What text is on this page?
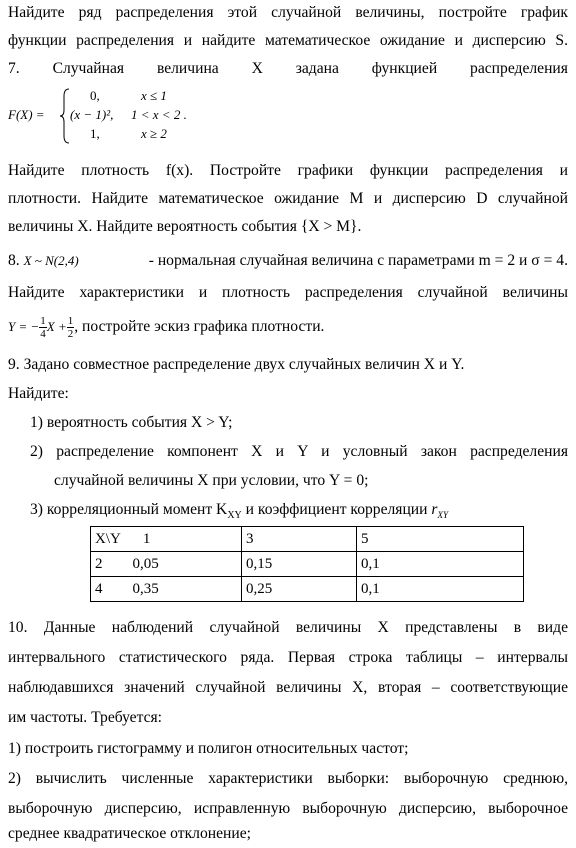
Найдите ряд распределения этой случайной величины, постройте график
функции распределения и найдите математическое ожидание и дисперсию S.
7. Случайная величина X задана функцией распределения
F(X) =
0,	x ≤ 1
(x − 1)², 1 < x < 2 .
1,	x ≥ 2
Найдите плотность f(x). Постройте графики функции распределения и
плотности. Найдите математическое ожидание M и дисперсию D случайной
величины X. Найдите вероятность события {X > M}.
8. X ~ N(2,4)	- нормальная случайная величина с параметрами m = 2 и σ = 4.
Найдите характеристики и плотность распределения случайной величины
Y = − $\frac{1}{4}$ $X + \frac{1}{2}$ , постройте эскиз графика плотности.
9. Задано совместное распределение двух случайных величин X и Y.
Найдите:
1) вероятность события X > Y;
2) распределение компонент X и Y и условный закон распределения
случайной величины X при условии, что Y = 0;
3) корреляционный момент $K_{XY}$ и коэффициент корреляции $r_{XY}$
X\Y 1	3	5

2 0,05	0,15	0,1

4 0,35	0,25	0,1
10. Данные наблюдений случайной величины X представлены в виде
интервального статистического ряда. Первая строка таблицы – интервалы
наблюдавшихся значений случайной величины X, вторая – соответствующие
им частоты. Требуется:
1) построить гистограмму и полигон относительных частот;
2) вычислить численные характеристики выборки: выборочную среднюю,
выборочную дисперсию, исправленную выборочную дисперсию, выборочное
среднее квадратическое отклонение;
